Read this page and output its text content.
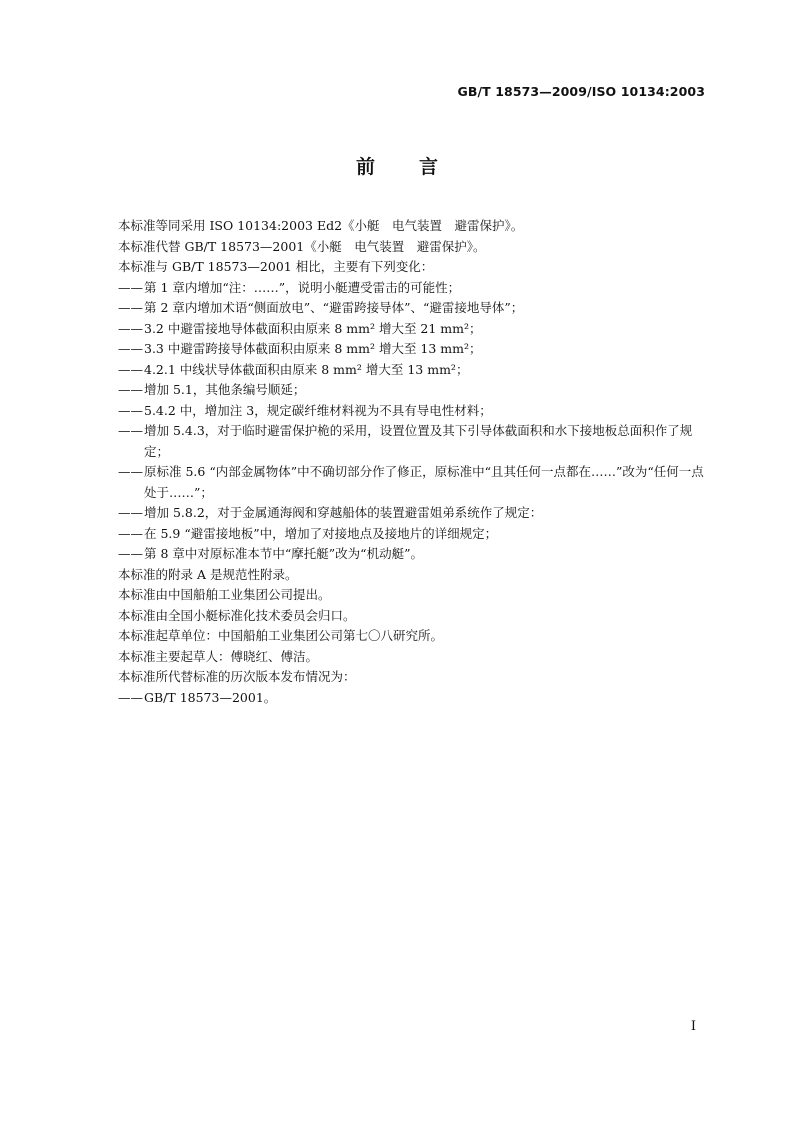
GB/T 18573—2009/ISO 10134:2003
前 言
本标准等同采用 ISO 10134:2003 Ed2《小艇　电气装置　避雷保护》。
本标准代替 GB/T 18573—2001《小艇　电气装置　避雷保护》。
本标准与 GB/T 18573—2001 相比，主要有下列变化：
—— 第 1 章内增加“注：……”，说明小艇遭受雷击的可能性；
—— 第 2 章内增加术语“侧面放电”、“避雷跨接导体”、“避雷接地导体”；
—— 3.2 中避雷接地导体截面积由原来 8 mm² 增大至 21 mm²；
—— 3.3 中避雷跨接导体截面积由原来 8 mm² 增大至 13 mm²；
—— 4.2.1 中线状导体截面积由原来 8 mm² 增大至 13 mm²；
—— 增加 5.1，其他条编号顺延；
—— 5.4.2 中，增加注 3，规定碳纤维材料视为不具有导电性材料；
—— 增加 5.4.3，对于临时避雷保护桅的采用，设置位置及其下引导体截面积和水下接地板总面积作了规定；
—— 原标准 5.6 “内部金属物体”中不确切部分作了修正，原标准中“且其任何一点都在……”改为“任何一点处于……”；
—— 增加 5.8.2，对于金属通海阀和穿越船体的装置避雷姐弟系统作了规定：
—— 在 5.9 “避雷接地板”中，增加了对接地点及接地片的详细规定；
—— 第 8 章中对原标准本节中“摩托艇”改为“机动艇”。
本标准的附录 A 是规范性附录。
本标准由中国船舶工业集团公司提出。
本标准由全国小艇标准化技术委员会归口。
本标准起草单位：中国船舶工业集团公司第七〇八研究所。
本标准主要起草人：傅晓红、傅洁。
本标准所代替标准的历次版本发布情况为：
—— GB/T 18573—2001。
I
